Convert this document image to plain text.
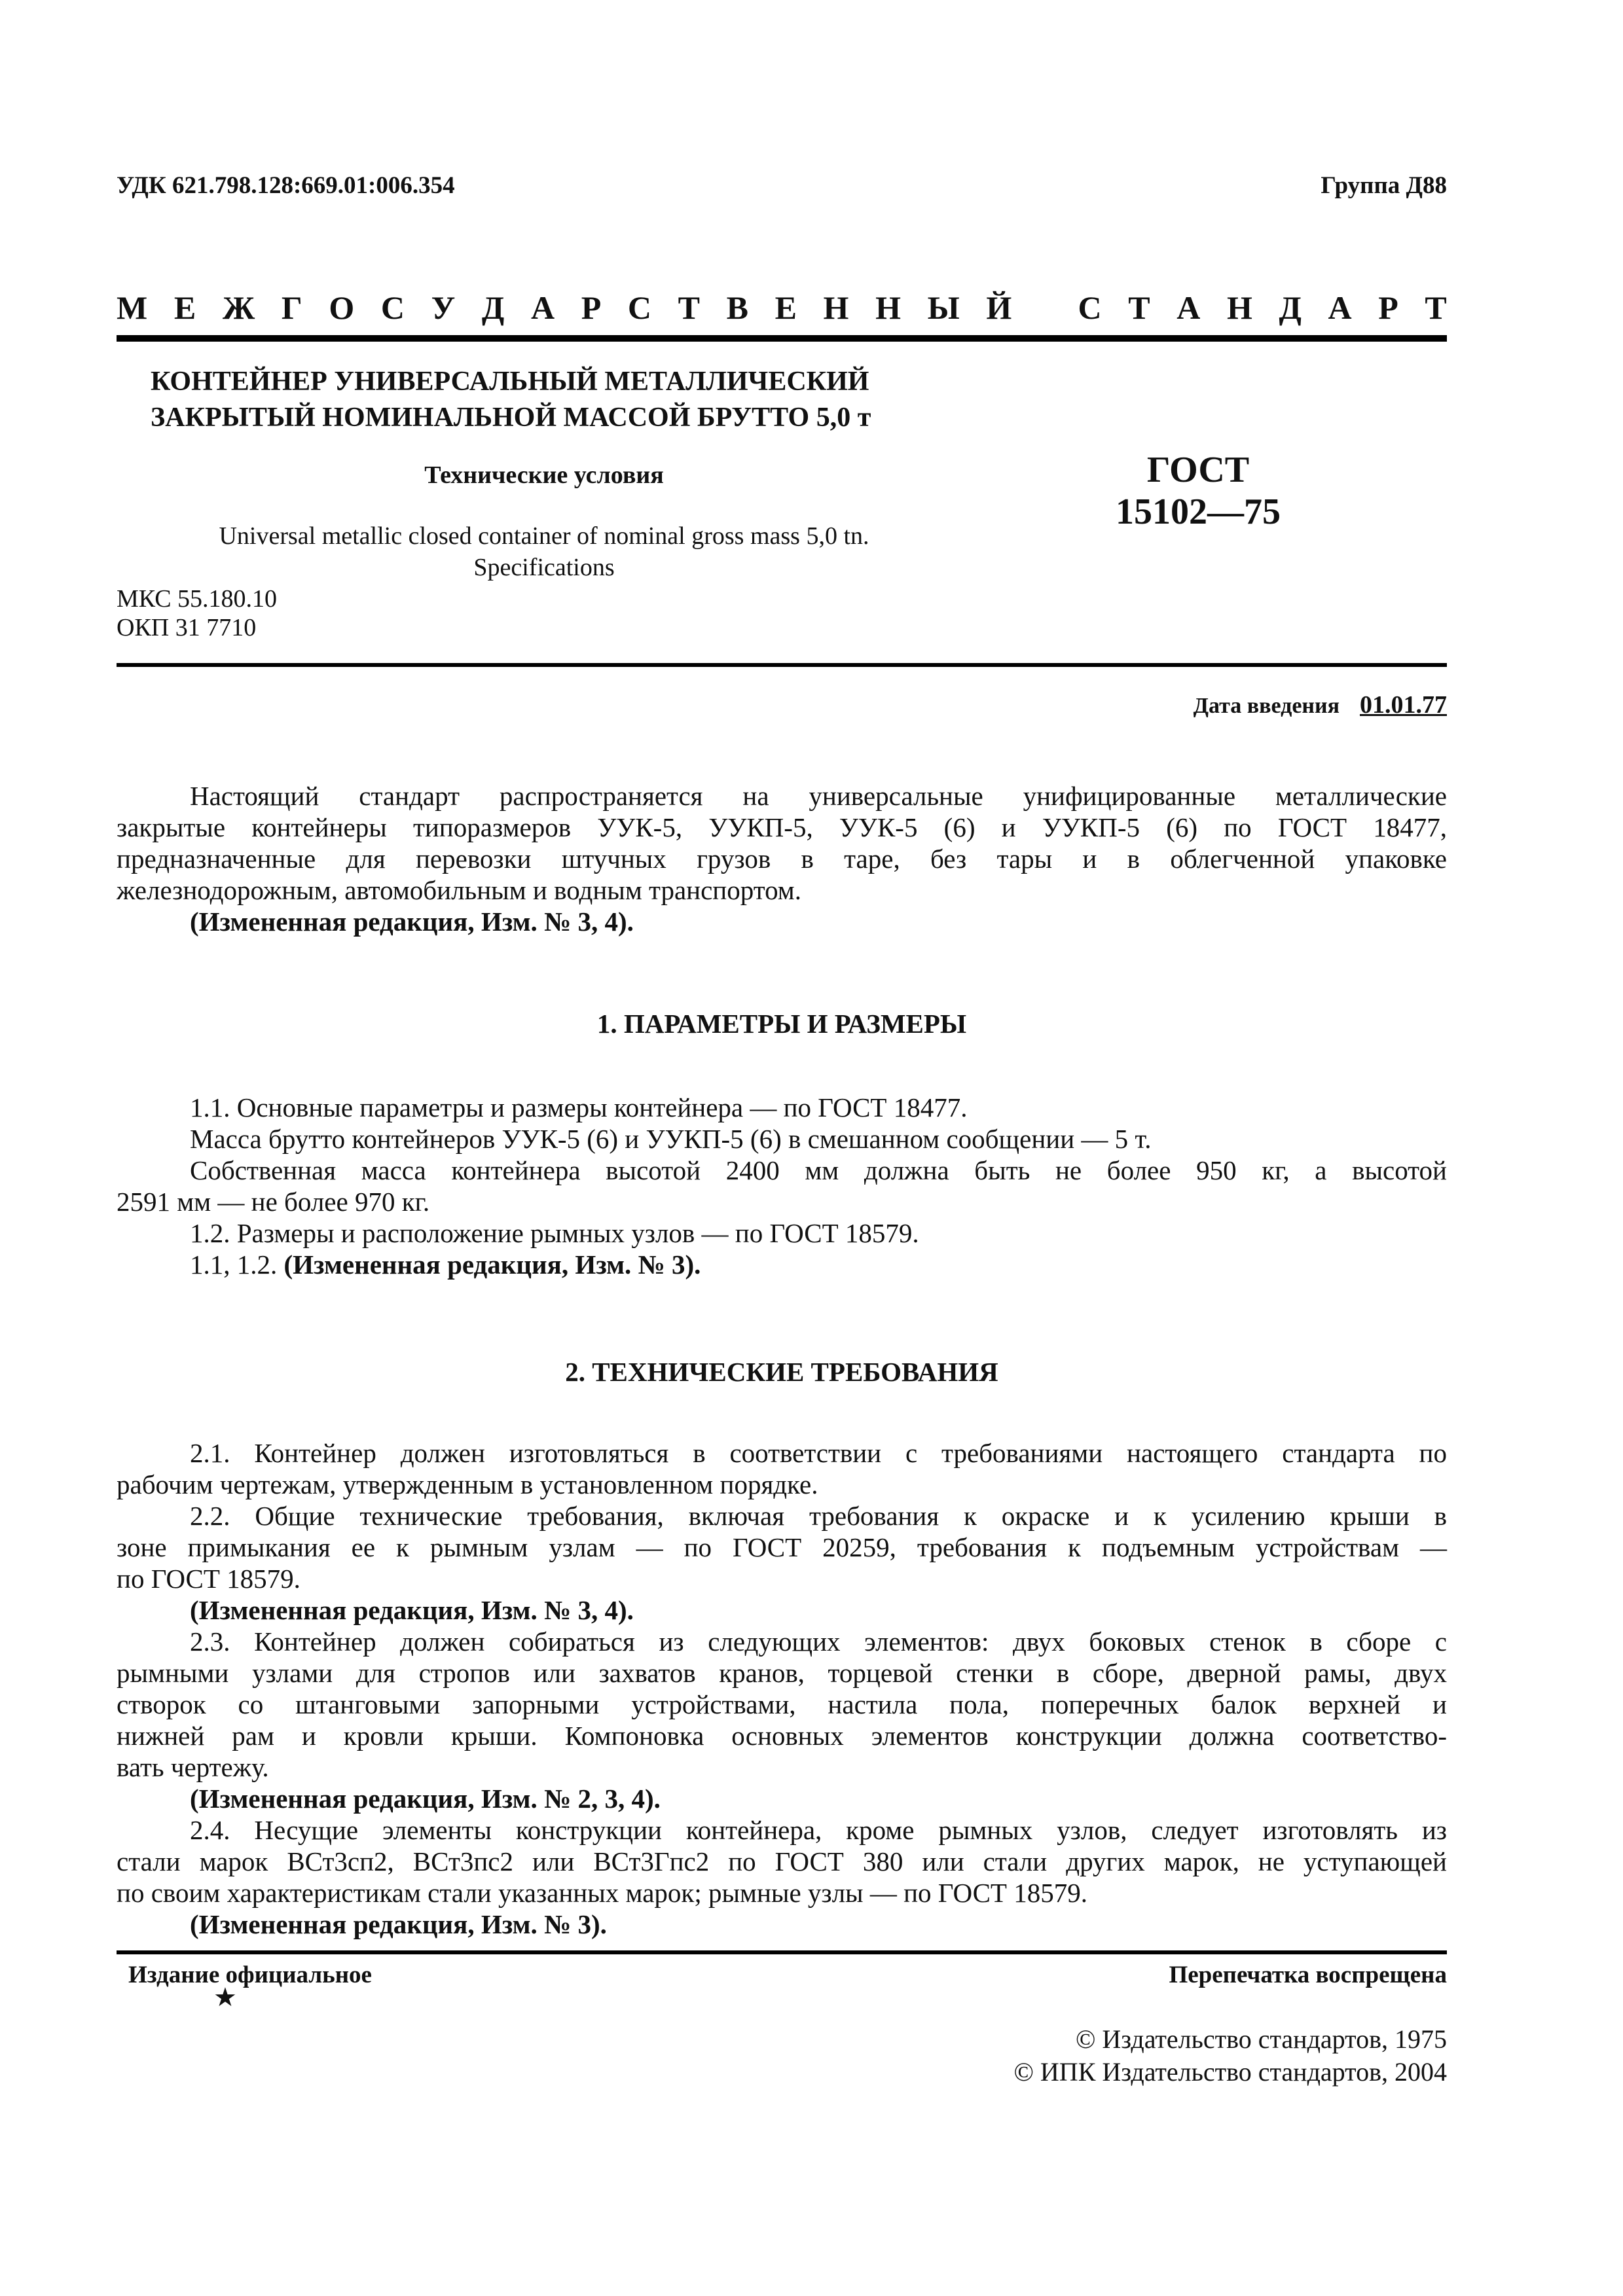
УДК 621.798.128:669.01:006.354	Группа Д88
М Е Ж Г О С У Д А Р С Т В Е Н Н Ы Й С Т А Н Д А Р Т
КОНТЕЙНЕР УНИВЕРСАЛЬНЫЙ МЕТАЛЛИЧЕСКИЙ
ЗАКРЫТЫЙ НОМИНАЛЬНОЙ МАССОЙ БРУТТО 5,0 т
Технические условия
Universal metallic closed container of nominal gross mass 5,0 tn.
Specifications
МКС 55.180.10
ОКП 31 7710
ГОСТ
15102—75
Дата введения 01.01.77
Настоящий стандарт распространяется на универсальные унифицированные металлические
закрытые контейнеры типоразмеров УУК-5, УУКП-5, УУК-5 (6) и УУКП-5 (6) по ГОСТ 18477,
предназначенные для перевозки штучных грузов в таре, без тары и в облегченной упаковке
железнодорожным, автомобильным и водным транспортом.
(Измененная редакция, Изм. № 3, 4).
1. ПАРАМЕТРЫ И РАЗМЕРЫ
1.1. Основные параметры и размеры контейнера — по ГОСТ 18477.
Масса брутто контейнеров УУК-5 (6) и УУКП-5 (6) в смешанном сообщении — 5 т.
Собственная масса контейнера высотой 2400 мм должна быть не более 950 кг, а высотой
2591 мм — не более 970 кг.
1.2. Размеры и расположение рымных узлов — по ГОСТ 18579.
1.1, 1.2. (Измененная редакция, Изм. № 3).
2. ТЕХНИЧЕСКИЕ ТРЕБОВАНИЯ
2.1. Контейнер должен изготовляться в соответствии с требованиями настоящего стандарта по
рабочим чертежам, утвержденным в установленном порядке.
2.2. Общие технические требования, включая требования к окраске и к усилению крыши в
зоне примыкания ее к рымным узлам — по ГОСТ 20259, требования к подъемным устройствам —
по ГОСТ 18579.
(Измененная редакция, Изм. № 3, 4).
2.3. Контейнер должен собираться из следующих элементов: двух боковых стенок в сборе с
рымными узлами для стропов или захватов кранов, торцевой стенки в сборе, дверной рамы, двух
створок со штанговыми запорными устройствами, настила пола, поперечных балок верхней и
нижней рам и кровли крыши. Компоновка основных элементов конструкции должна соответство-
вать чертежу.
(Измененная редакция, Изм. № 2, 3, 4).
2.4. Несущие элементы конструкции контейнера, кроме рымных узлов, следует изготовлять из
стали марок ВСт3сп2, ВСт3пс2 или ВСт3Гпс2 по ГОСТ 380 или стали других марок, не уступающей
по своим характеристикам стали указанных марок; рымные узлы — по ГОСТ 18579.
(Измененная редакция, Изм. № 3).
Издание официальное
★
Перепечатка воспрещена
© Издательство стандартов, 1975
© ИПК Издательство стандартов, 2004
